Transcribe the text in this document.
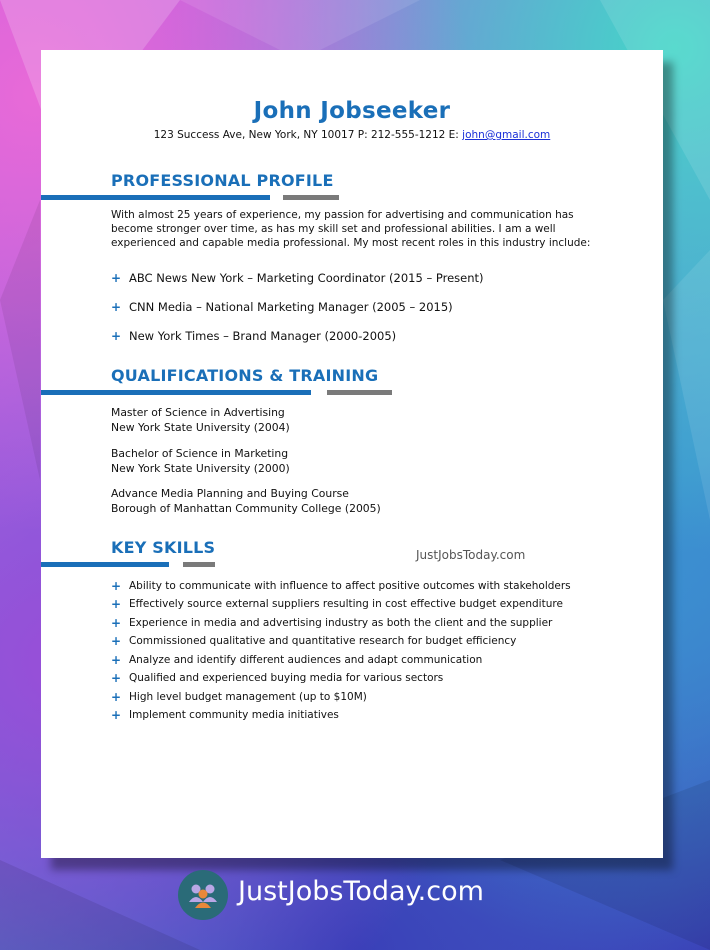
John Jobseeker
123 Success Ave, New York, NY 10017 P: 212-555-1212 E: john@gmail.com
PROFESSIONAL PROFILE
With almost 25 years of experience, my passion for advertising and communication has become stronger over time, as has my skill set and professional abilities. I am a well experienced and capable media professional. My most recent roles in this industry include:
+ ABC News New York – Marketing Coordinator (2015 – Present)
+ CNN Media – National Marketing Manager (2005 – 2015)
+ New York Times – Brand Manager (2000-2005)
QUALIFICATIONS & TRAINING
Master of Science in Advertising
New York State University (2004)
Bachelor of Science in Marketing
New York State University (2000)
Advance Media Planning and Buying Course
Borough of Manhattan Community College (2005)
KEY SKILLS	JustJobsToday.com
+ Ability to communicate with influence to affect positive outcomes with stakeholders
+ Effectively source external suppliers resulting in cost effective budget expenditure
+ Experience in media and advertising industry as both the client and the supplier
+ Commissioned qualitative and quantitative research for budget efficiency
+ Analyze and identify different audiences and adapt communication
+ Qualified and experienced buying media for various sectors
+ High level budget management (up to $10M)
+ Implement community media initiatives
JustJobsToday.com
